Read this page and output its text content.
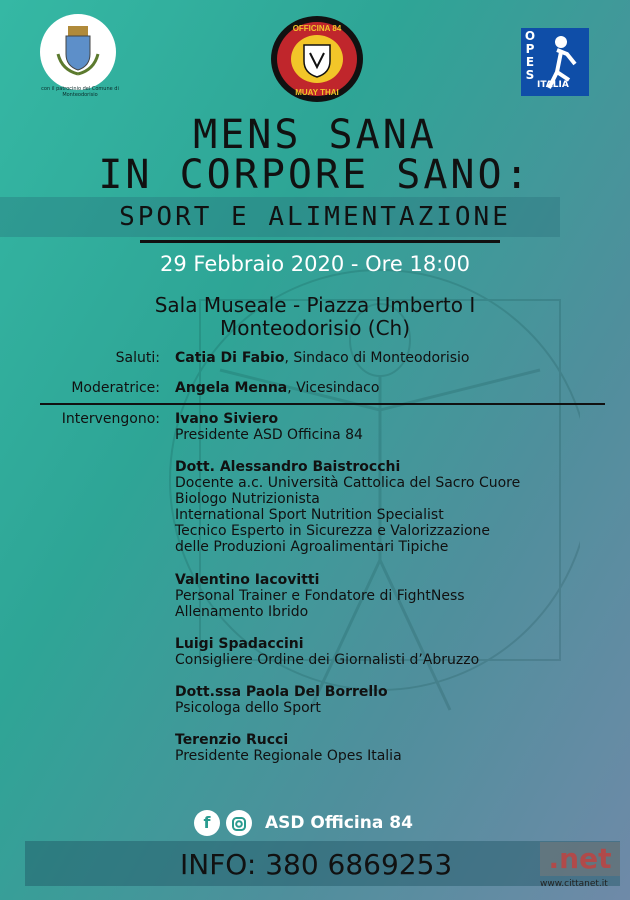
con il patrocinio del Comune di Monteodorisio
OFFICINA 84
MUAY THAI
OPES
ITALIA
MENS SANA
IN CORPORE SANO:
SPORT E ALIMENTAZIONE
29 Febbraio 2020 - Ore 18:00
Sala Museale - Piazza Umberto I
Monteodorisio (Ch)
Saluti: Catia Di Fabio, Sindaco di Monteodorisio
Moderatrice: Angela Menna, Vicesindaco
Intervengono: Ivano Siviero
Presidente ASD Officina 84
Dott. Alessandro Baistrocchi
Docente a.c. Università Cattolica del Sacro Cuore
Biologo Nutrizionista
International Sport Nutrition Specialist
Tecnico Esperto in Sicurezza e Valorizzazione
delle Produzioni Agroalimentari Tipiche
Valentino Iacovitti
Personal Trainer e Fondatore di FightNess
Allenamento Ibrido
Luigi Spadaccini
Consigliere Ordine dei Giornalisti d’Abruzzo
Dott.ssa Paola Del Borrello
Psicologa dello Sport
Terenzio Rucci
Presidente Regionale Opes Italia
f	ASD Officina 84
INFO: 380 6869253	.net
www.cittanet.it
